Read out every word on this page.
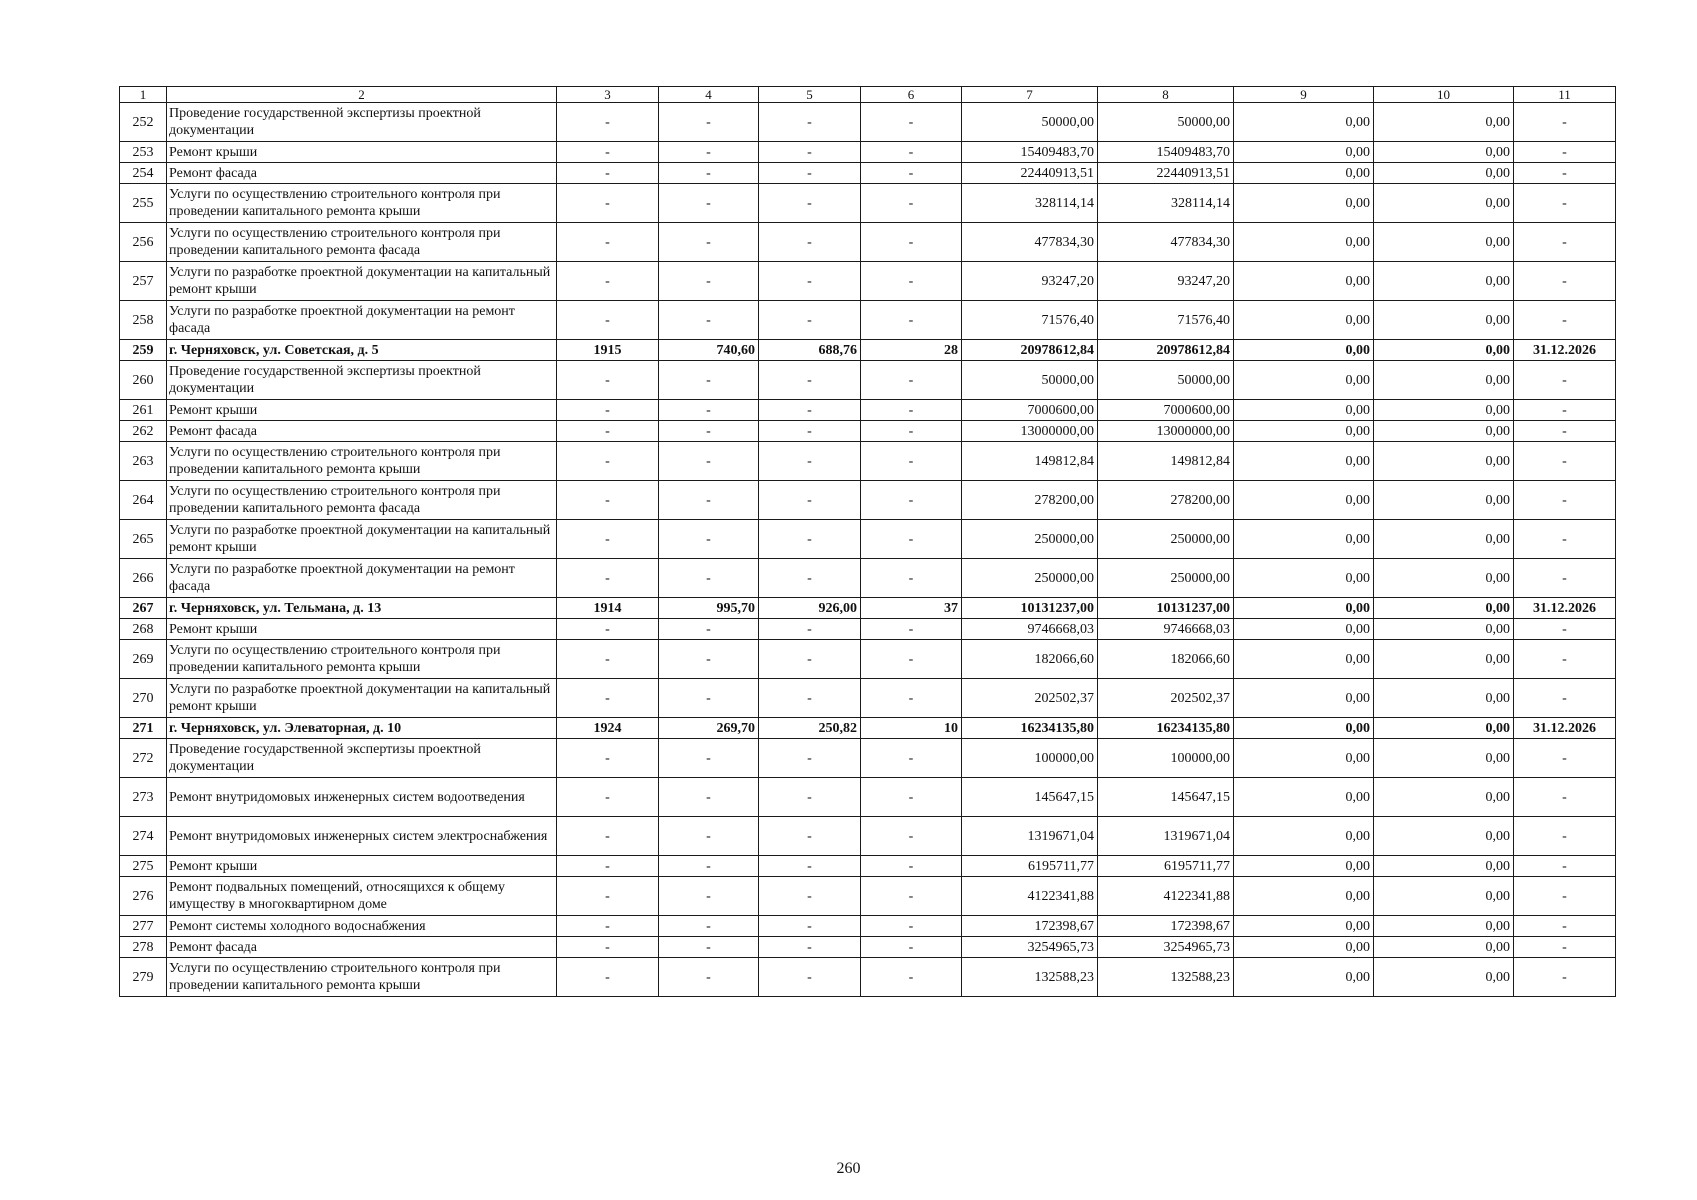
1	2	3	4	5	6	7	8	9	10	11
252	Проведение государственной экспертизы проектной документации	-	-	-	-	50000,00	50000,00	0,00	0,00	-
253	Ремонт крыши	-	-	-	-	15409483,70	15409483,70	0,00	0,00	-
254	Ремонт фасада	-	-	-	-	22440913,51	22440913,51	0,00	0,00	-
255	Услуги по осуществлению строительного контроля при проведении капитального ремонта крыши	-	-	-	-	328114,14	328114,14	0,00	0,00	-
256	Услуги по осуществлению строительного контроля при проведении капитального ремонта фасада	-	-	-	-	477834,30	477834,30	0,00	0,00	-
257	Услуги по разработке проектной документации на капитальный ремонт крыши	-	-	-	-	93247,20	93247,20	0,00	0,00	-
258	Услуги по разработке проектной документации на ремонт фасада	-	-	-	-	71576,40	71576,40	0,00	0,00	-
259	г. Черняховск, ул. Советская, д. 5	1915	740,60	688,76	28	20978612,84	20978612,84	0,00	0,00	31.12.2026
260	Проведение государственной экспертизы проектной документации	-	-	-	-	50000,00	50000,00	0,00	0,00	-
261	Ремонт крыши	-	-	-	-	7000600,00	7000600,00	0,00	0,00	-
262	Ремонт фасада	-	-	-	-	13000000,00	13000000,00	0,00	0,00	-
263	Услуги по осуществлению строительного контроля при проведении капитального ремонта крыши	-	-	-	-	149812,84	149812,84	0,00	0,00	-
264	Услуги по осуществлению строительного контроля при проведении капитального ремонта фасада	-	-	-	-	278200,00	278200,00	0,00	0,00	-
265	Услуги по разработке проектной документации на капитальный ремонт крыши	-	-	-	-	250000,00	250000,00	0,00	0,00	-
266	Услуги по разработке проектной документации на ремонт фасада	-	-	-	-	250000,00	250000,00	0,00	0,00	-
267	г. Черняховск, ул. Тельмана, д. 13	1914	995,70	926,00	37	10131237,00	10131237,00	0,00	0,00	31.12.2026
268	Ремонт крыши	-	-	-	-	9746668,03	9746668,03	0,00	0,00	-
269	Услуги по осуществлению строительного контроля при проведении капитального ремонта крыши	-	-	-	-	182066,60	182066,60	0,00	0,00	-
270	Услуги по разработке проектной документации на капитальный ремонт крыши	-	-	-	-	202502,37	202502,37	0,00	0,00	-
271	г. Черняховск, ул. Элеваторная, д. 10	1924	269,70	250,82	10	16234135,80	16234135,80	0,00	0,00	31.12.2026
272	Проведение государственной экспертизы проектной документации	-	-	-	-	100000,00	100000,00	0,00	0,00	-
273	Ремонт внутридомовых инженерных систем водоотведения	-	-	-	-	145647,15	145647,15	0,00	0,00	-
274	Ремонт внутридомовых инженерных систем электроснабжения	-	-	-	-	1319671,04	1319671,04	0,00	0,00	-
275	Ремонт крыши	-	-	-	-	6195711,77	6195711,77	0,00	0,00	-
276	Ремонт подвальных помещений, относящихся к общему имуществу в многоквартирном доме	-	-	-	-	4122341,88	4122341,88	0,00	0,00	-
277	Ремонт системы холодного водоснабжения	-	-	-	-	172398,67	172398,67	0,00	0,00	-
278	Ремонт фасада	-	-	-	-	3254965,73	3254965,73	0,00	0,00	-
279	Услуги по осуществлению строительного контроля при проведении капитального ремонта крыши	-	-	-	-	132588,23	132588,23	0,00	0,00	-
260
